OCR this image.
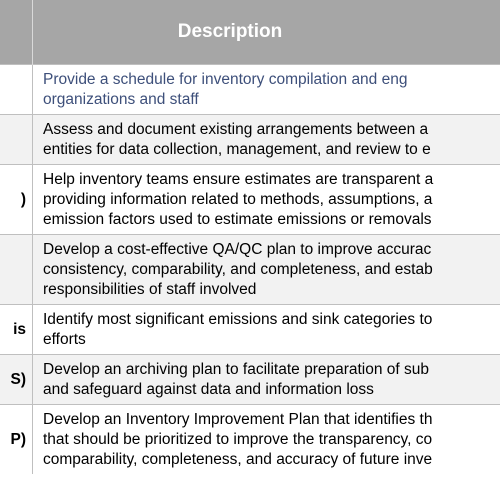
	Description

	Provide a schedule for inventory compilation and eng
organizations and staff

	Assess and document existing arrangements between a
entities for data collection, management, and review to e

)	Help inventory teams ensure estimates are transparent a
providing information related to methods, assumptions, a
emission factors used to estimate emissions or removals

	Develop a cost-effective QA/QC plan to improve accurac
consistency, comparability, and completeness, and estab
responsibilities of staff involved

is	Identify most significant emissions and sink categories to
efforts

S)	Develop an archiving plan to facilitate preparation of sub
and safeguard against data and information loss

P)	Develop an Inventory Improvement Plan that identifies th
that should be prioritized to improve the transparency, co
comparability, completeness, and accuracy of future inve
